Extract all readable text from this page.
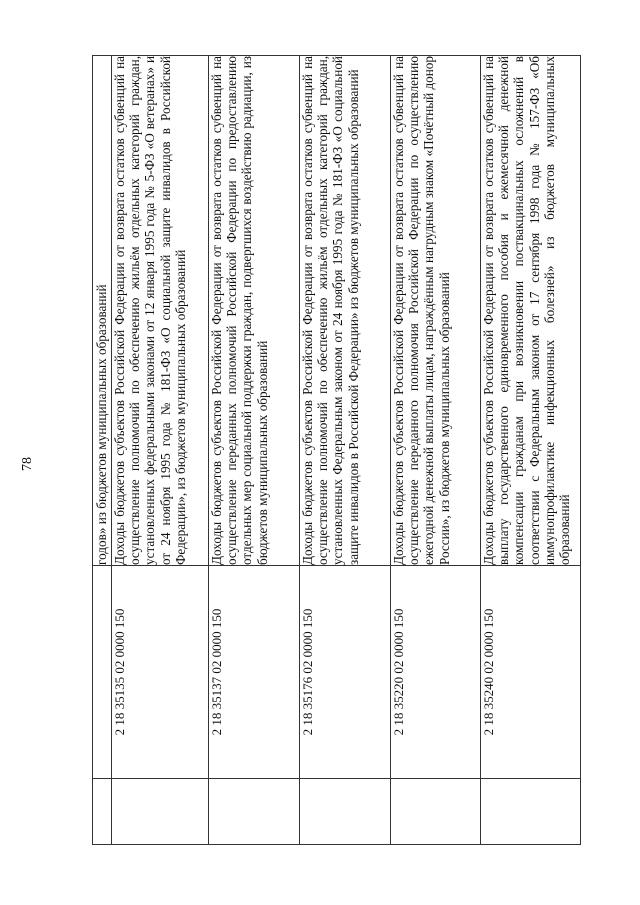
78
			годов» из бюджетов муниципальных образований
	2 18 35135 02 0000 150	Доходы бюджетов субъектов Российской Федерации от возврата остатков субвенций на осуществление полномочий по обеспечению жильём отдельных категорий граждан, установленных федеральными законами от 12 января 1995 года № 5-ФЗ «О ветеранах» и от 24 ноября 1995 года № 181-ФЗ «О социальной защите инвалидов в Российской Федерации», из бюджетов муниципальных образований

	2 18 35137 02 0000 150	Доходы бюджетов субъектов Российской Федерации от возврата остатков субвенций на осуществление переданных полномочий Российской Федерации по предоставлению отдельных мер социальной поддержки граждан, подвергшихся воздействию радиации, из бюджетов муниципальных образований

	2 18 35176 02 0000 150	Доходы бюджетов субъектов Российской Федерации от возврата остатков субвенций на осуществление полномочий по обеспечению жильём отдельных категорий граждан, установленных Федеральным законом от 24 ноября 1995 года № 181-ФЗ «О социальной защите инвалидов в Российской Федерации» из бюджетов муниципальных образований

	2 18 35220 02 0000 150	Доходы бюджетов субъектов Российской Федерации от возврата остатков субвенций на осуществление переданного полномочия Российской Федерации по осуществлению ежегодной денежной выплаты лицам, награждённым нагрудным знаком «Почётный донор России», из бюджетов муниципальных образований

	2 18 35240 02 0000 150	Доходы бюджетов субъектов Российской Федерации от возврата остатков субвенций на выплату государственного единовременного пособия и ежемесячной денежной компенсации гражданам при возникновении поствакцинальных осложнений в соответствии с Федеральным законом от 17 сентября 1998 года № 157-ФЗ «Об иммунопрофилактике инфекционных болезней» из бюджетов муниципальных образований
